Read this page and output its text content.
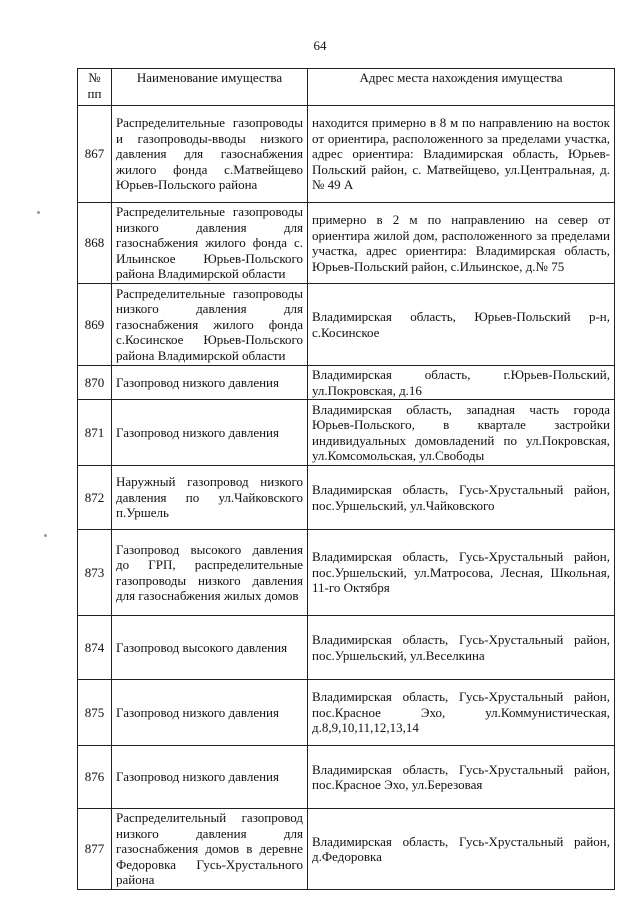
64
№ пп	Наименование имущества	Адрес места нахождения имущества
867	Распределительные газопроводы и газопроводы-вводы низкого давления для газоснабжения жилого фонда с.Матвейщево Юрьев-Польского района	находится примерно в 8 м по направлению на восток от ориентира, расположенного за пределами участка, адрес ориентира: Владимирская область, Юрьев-Польский район, с. Матвейщево, ул.Центральная, д.№ 49 А
868	Распределительные газопроводы низкого давления для газоснабжения жилого фонда с. Ильинское Юрьев-Польского района Владимирской области	примерно в 2 м по направлению на север от ориентира жилой дом, расположенного за пределами участка, адрес ориентира: Владимирская область, Юрьев-Польский район, с.Ильинское, д.№ 75
869	Распределительные газопроводы низкого давления для газоснабжения жилого фонда с.Косинское Юрьев-Польского района Владимирской области	Владимирская область, Юрьев-Польский р-н, с.Косинское
870	Газопровод низкого давления	Владимирская область, г.Юрьев-Польский, ул.Покровская, д.16
871	Газопровод низкого давления	Владимирская область, западная часть города Юрьев-Польского, в квартале застройки индивидуальных домовладений по ул.Покровская, ул.Комсомольская, ул.Свободы
872	Наружный газопровод низкого давления по ул.Чайковского п.Уршель	Владимирская область, Гусь-Хрустальный район, пос.Уршельский, ул.Чайковского
873	Газопровод высокого давления до ГРП, распределительные газопроводы низкого давления для газоснабжения жилых домов	Владимирская область, Гусь-Хрустальный район, пос.Уршельский, ул.Матросова, Лесная, Школьная, 11-го Октября
874	Газопровод высокого давления	Владимирская область, Гусь-Хрустальный район, пос.Уршельский, ул.Веселкина
875	Газопровод низкого давления	Владимирская область, Гусь-Хрустальный район, пос.Красное Эхо, ул.Коммунистическая, д.8,9,10,11,12,13,14
876	Газопровод низкого давления	Владимирская область, Гусь-Хрустальный район, пос.Красное Эхо, ул.Березовая
877	Распределительный газопровод низкого давления для газоснабжения домов в деревне Федоровка Гусь-Хрустального района	Владимирская область, Гусь-Хрустальный район, д.Федоровка
